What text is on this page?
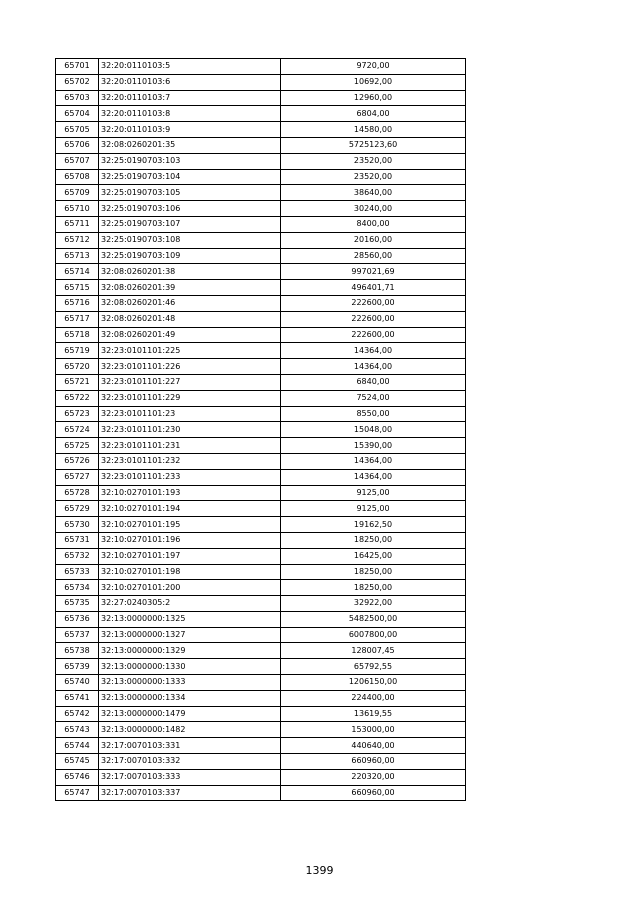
65701	32:20:0110103:5	9720,00
65702	32:20:0110103:6	10692,00
65703	32:20:0110103:7	12960,00
65704	32:20:0110103:8	6804,00
65705	32:20:0110103:9	14580,00
65706	32:08:0260201:35	5725123,60
65707	32:25:0190703:103	23520,00
65708	32:25:0190703:104	23520,00
65709	32:25:0190703:105	38640,00
65710	32:25:0190703:106	30240,00
65711	32:25:0190703:107	8400,00
65712	32:25:0190703:108	20160,00
65713	32:25:0190703:109	28560,00
65714	32:08:0260201:38	997021,69
65715	32:08:0260201:39	496401,71
65716	32:08:0260201:46	222600,00
65717	32:08:0260201:48	222600,00
65718	32:08:0260201:49	222600,00
65719	32:23:0101101:225	14364,00
65720	32:23:0101101:226	14364,00
65721	32:23:0101101:227	6840,00
65722	32:23:0101101:229	7524,00
65723	32:23:0101101:23	8550,00
65724	32:23:0101101:230	15048,00
65725	32:23:0101101:231	15390,00
65726	32:23:0101101:232	14364,00
65727	32:23:0101101:233	14364,00
65728	32:10:0270101:193	9125,00
65729	32:10:0270101:194	9125,00
65730	32:10:0270101:195	19162,50
65731	32:10:0270101:196	18250,00
65732	32:10:0270101:197	16425,00
65733	32:10:0270101:198	18250,00
65734	32:10:0270101:200	18250,00
65735	32:27:0240305:2	32922,00
65736	32:13:0000000:1325	5482500,00
65737	32:13:0000000:1327	6007800,00
65738	32:13:0000000:1329	128007,45
65739	32:13:0000000:1330	65792,55
65740	32:13:0000000:1333	1206150,00
65741	32:13:0000000:1334	224400,00
65742	32:13:0000000:1479	13619,55
65743	32:13:0000000:1482	153000,00
65744	32:17:0070103:331	440640,00
65745	32:17:0070103:332	660960,00
65746	32:17:0070103:333	220320,00
65747	32:17:0070103:337	660960,00
1399
